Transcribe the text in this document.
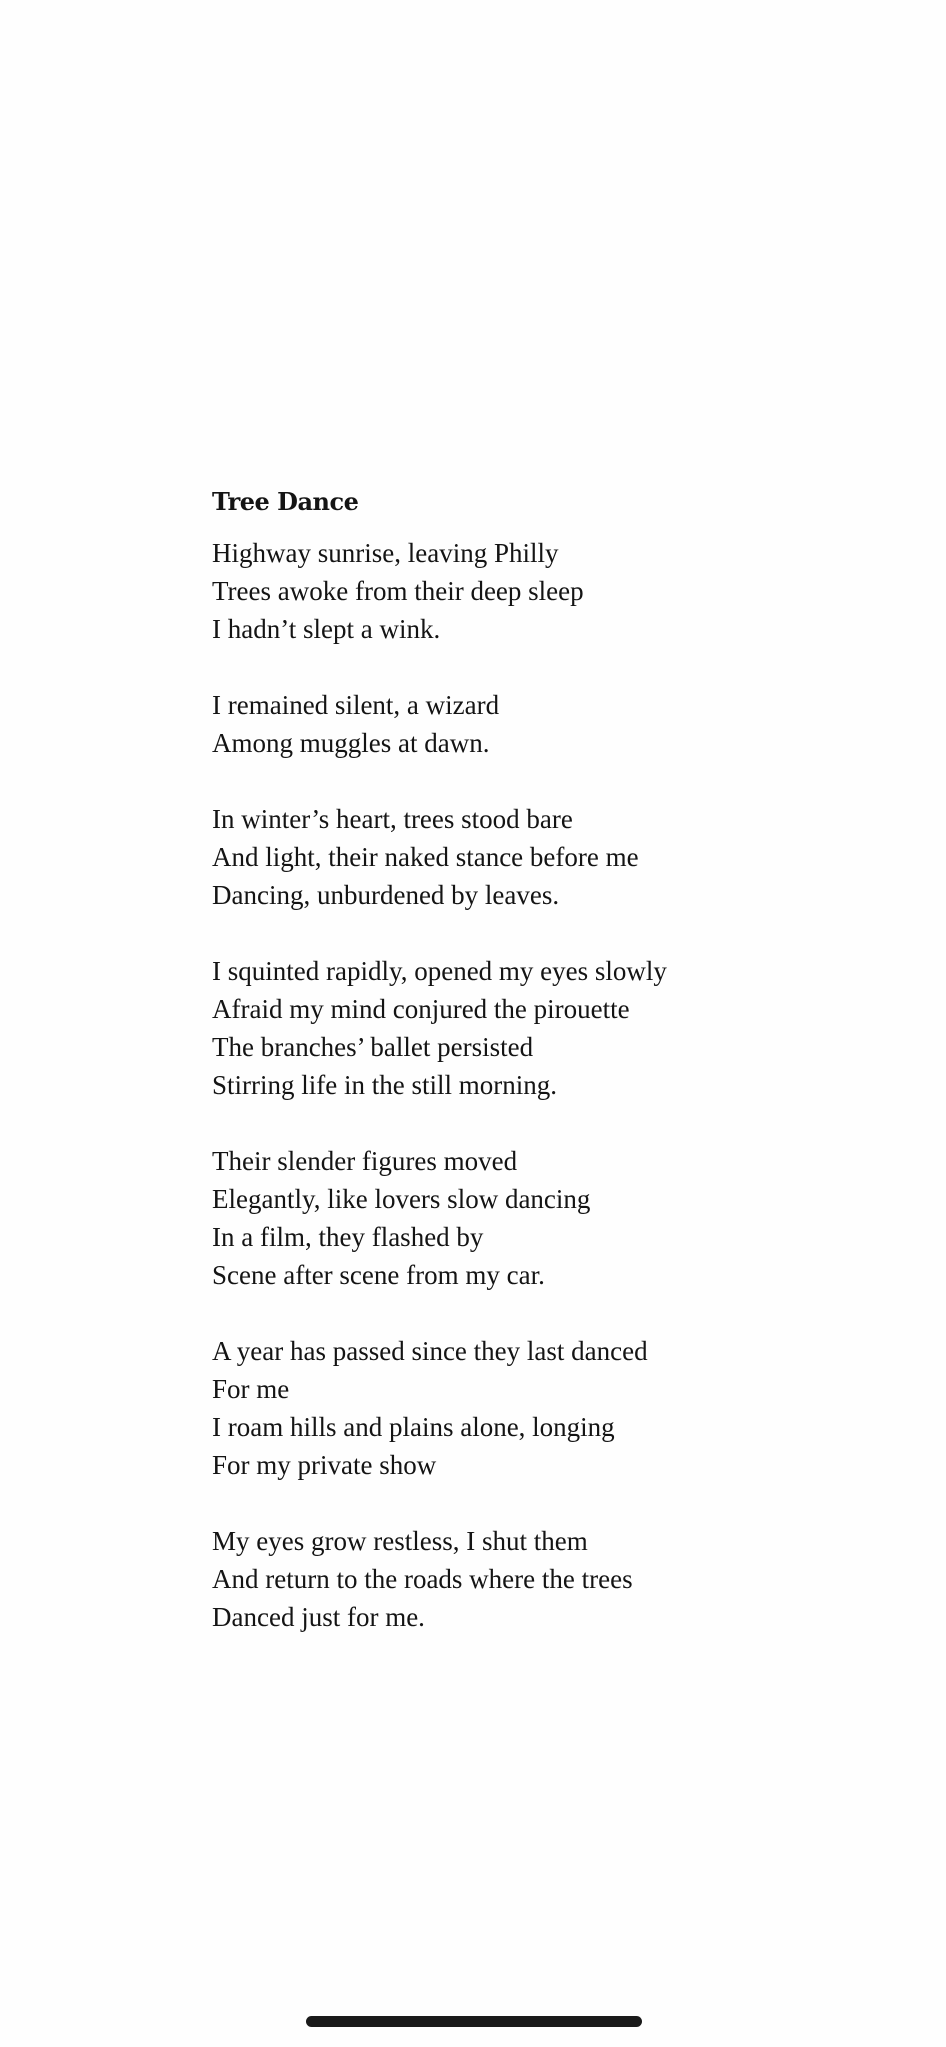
Tree Dance
Highway sunrise, leaving Philly
Trees awoke from their deep sleep
I hadn’t slept a wink.
I remained silent, a wizard
Among muggles at dawn.
In winter’s heart, trees stood bare
And light, their naked stance before me
Dancing, unburdened by leaves.
I squinted rapidly, opened my eyes slowly
Afraid my mind conjured the pirouette
The branches’ ballet persisted
Stirring life in the still morning.
Their slender figures moved
Elegantly, like lovers slow dancing
In a film, they flashed by
Scene after scene from my car.
A year has passed since they last danced
For me
I roam hills and plains alone, longing
For my private show
My eyes grow restless, I shut them
And return to the roads where the trees
Danced just for me.
